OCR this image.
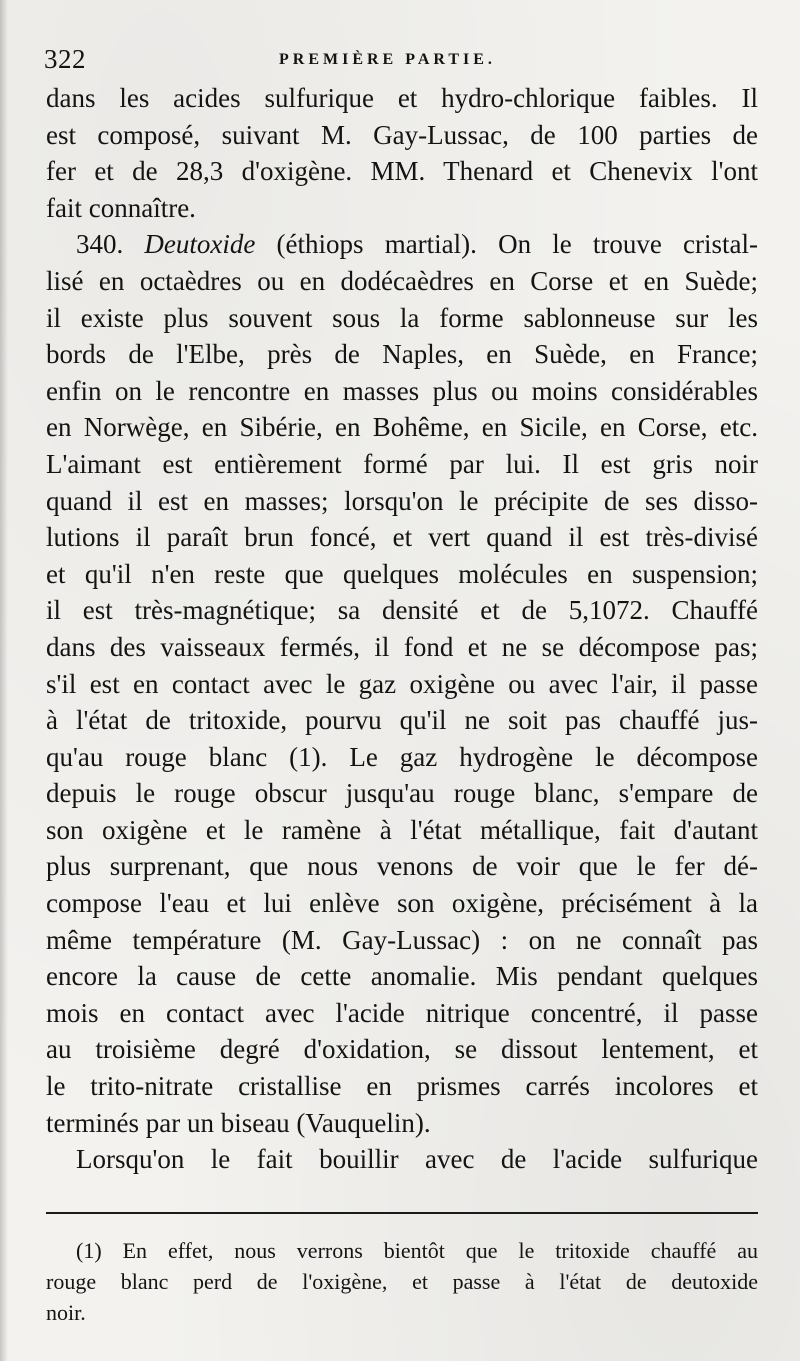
322	PREMIÈRE PARTIE.
dans les acides sulfurique et hydro-chlorique faibles. Il
est composé, suivant M. Gay-Lussac, de 100 parties de
fer et de 28,3 d'oxigène. MM. Thenard et Chenevix l'ont
fait connaître.
340. Deutoxide (éthiops martial). On le trouve cristal-
lisé en octaèdres ou en dodécaèdres en Corse et en Suède;
il existe plus souvent sous la forme sablonneuse sur les
bords de l'Elbe, près de Naples, en Suède, en France;
enfin on le rencontre en masses plus ou moins considérables
en Norwège, en Sibérie, en Bohême, en Sicile, en Corse, etc.
L'aimant est entièrement formé par lui. Il est gris noir
quand il est en masses; lorsqu'on le précipite de ses disso-
lutions il paraît brun foncé, et vert quand il est très-divisé
et qu'il n'en reste que quelques molécules en suspension;
il est très-magnétique; sa densité et de 5,1072. Chauffé
dans des vaisseaux fermés, il fond et ne se décompose pas;
s'il est en contact avec le gaz oxigène ou avec l'air, il passe
à l'état de tritoxide, pourvu qu'il ne soit pas chauffé jus-
qu'au rouge blanc (1). Le gaz hydrogène le décompose
depuis le rouge obscur jusqu'au rouge blanc, s'empare de
son oxigène et le ramène à l'état métallique, fait d'autant
plus surprenant, que nous venons de voir que le fer dé-
compose l'eau et lui enlève son oxigène, précisément à la
même température (M. Gay-Lussac) : on ne connaît pas
encore la cause de cette anomalie. Mis pendant quelques
mois en contact avec l'acide nitrique concentré, il passe
au troisième degré d'oxidation, se dissout lentement, et
le trito-nitrate cristallise en prismes carrés incolores et
terminés par un biseau (Vauquelin).
Lorsqu'on le fait bouillir avec de l'acide sulfurique
(1) En effet, nous verrons bientôt que le tritoxide chauffé au
rouge blanc perd de l'oxigène, et passe à l'état de deutoxide
noir.
